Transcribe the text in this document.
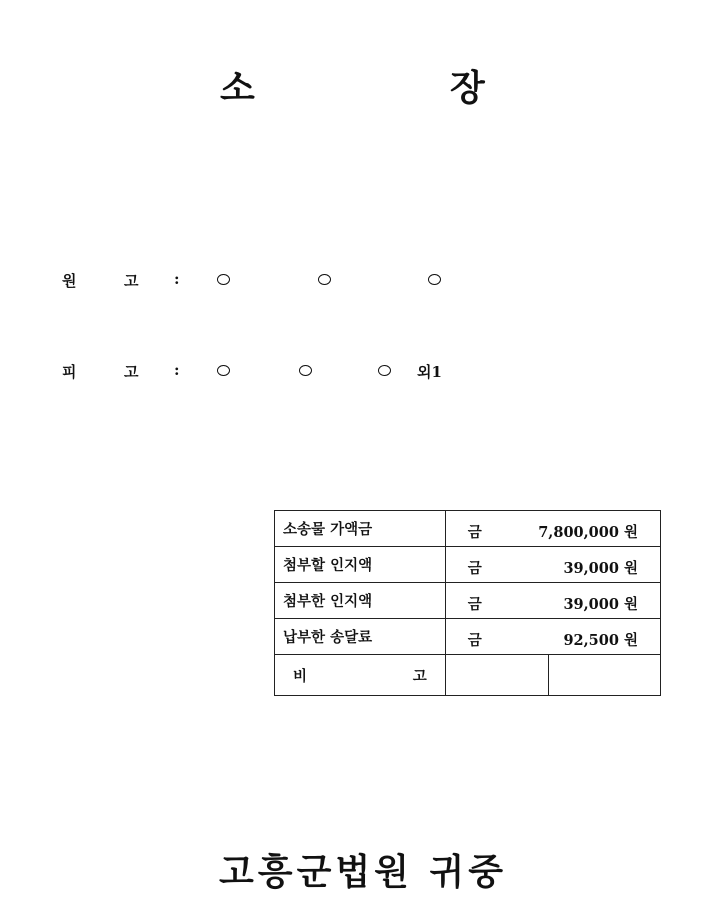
소	장
원	고 :
피	고 :	외1
소송물 가액금	금 7,800,000 원	

첨부할 인지액	금 39,000 원	

첨부한 인지액	금 39,000 원	

납부한 송달료	금 92,500 원	

비 고		

고흥군법원 귀중
